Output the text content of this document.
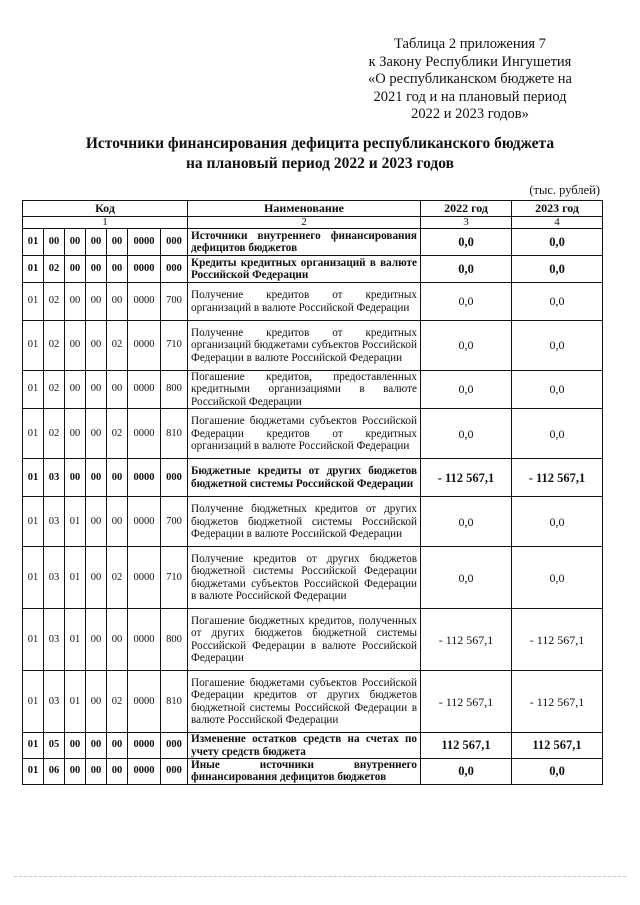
Таблица 2 приложения 7
к Закону Республики Ингушетия
«О республиканском бюджете на
2021 год и на плановый период
2022 и 2023 годов»
Источники финансирования дефицита республиканского бюджета
на плановый период 2022 и 2023 годов
(тыс. рублей)
Код							Наименование	2022 год	2023 год
1							2	3	4
01	00	00	00	00	0000	000	Источники внутреннего финансирования дефицитов бюджетов	0,0	0,0
01	02	00	00	00	0000	000	Кредиты кредитных организаций в валюте Российской Федерации	0,0	0,0
01	02	00	00	00	0000	700	Получение кредитов от кредитных организаций в валюте Российской Федерации	0,0	0,0
01	02	00	00	02	0000	710	Получение кредитов от кредитных организаций бюджетами субъектов Российской Федерации в валюте Российской Федерации	0,0	0,0
01	02	00	00	00	0000	800	Погашение кредитов, предоставленных кредитными организациями в валюте Российской Федерации	0,0	0,0
01	02	00	00	02	0000	810	Погашение бюджетами субъектов Российской Федерации кредитов от кредитных организаций в валюте Российской Федерации	0,0	0,0
01	03	00	00	00	0000	000	Бюджетные кредиты от других бюджетов бюджетной системы Российской Федерации	- 112 567,1	- 112 567,1
01	03	01	00	00	0000	700	Получение бюджетных кредитов от других бюджетов бюджетной системы Российской Федерации в валюте Российской Федерации	0,0	0,0
01	03	01	00	02	0000	710	Получение кредитов от других бюджетов бюджетной системы Российской Федерации бюджетами субъектов Российской Федерации в валюте Российской Федерации	0,0	0,0
01	03	01	00	00	0000	800	Погашение бюджетных кредитов, полученных от других бюджетов бюджетной системы Российской Федерации в валюте Российской Федерации	- 112 567,1	- 112 567,1
01	03	01	00	02	0000	810	Погашение бюджетами субъектов Российской Федерации кредитов от других бюджетов бюджетной системы Российской Федерации в валюте Российской Федерации	- 112 567,1	- 112 567,1
01	05	00	00	00	0000	000	Изменение остатков средств на счетах по учету средств бюджета	112 567,1	112 567,1
01	06	00	00	00	0000	000	Иные источники внутреннего финансирования дефицитов бюджетов	0,0	0,0
